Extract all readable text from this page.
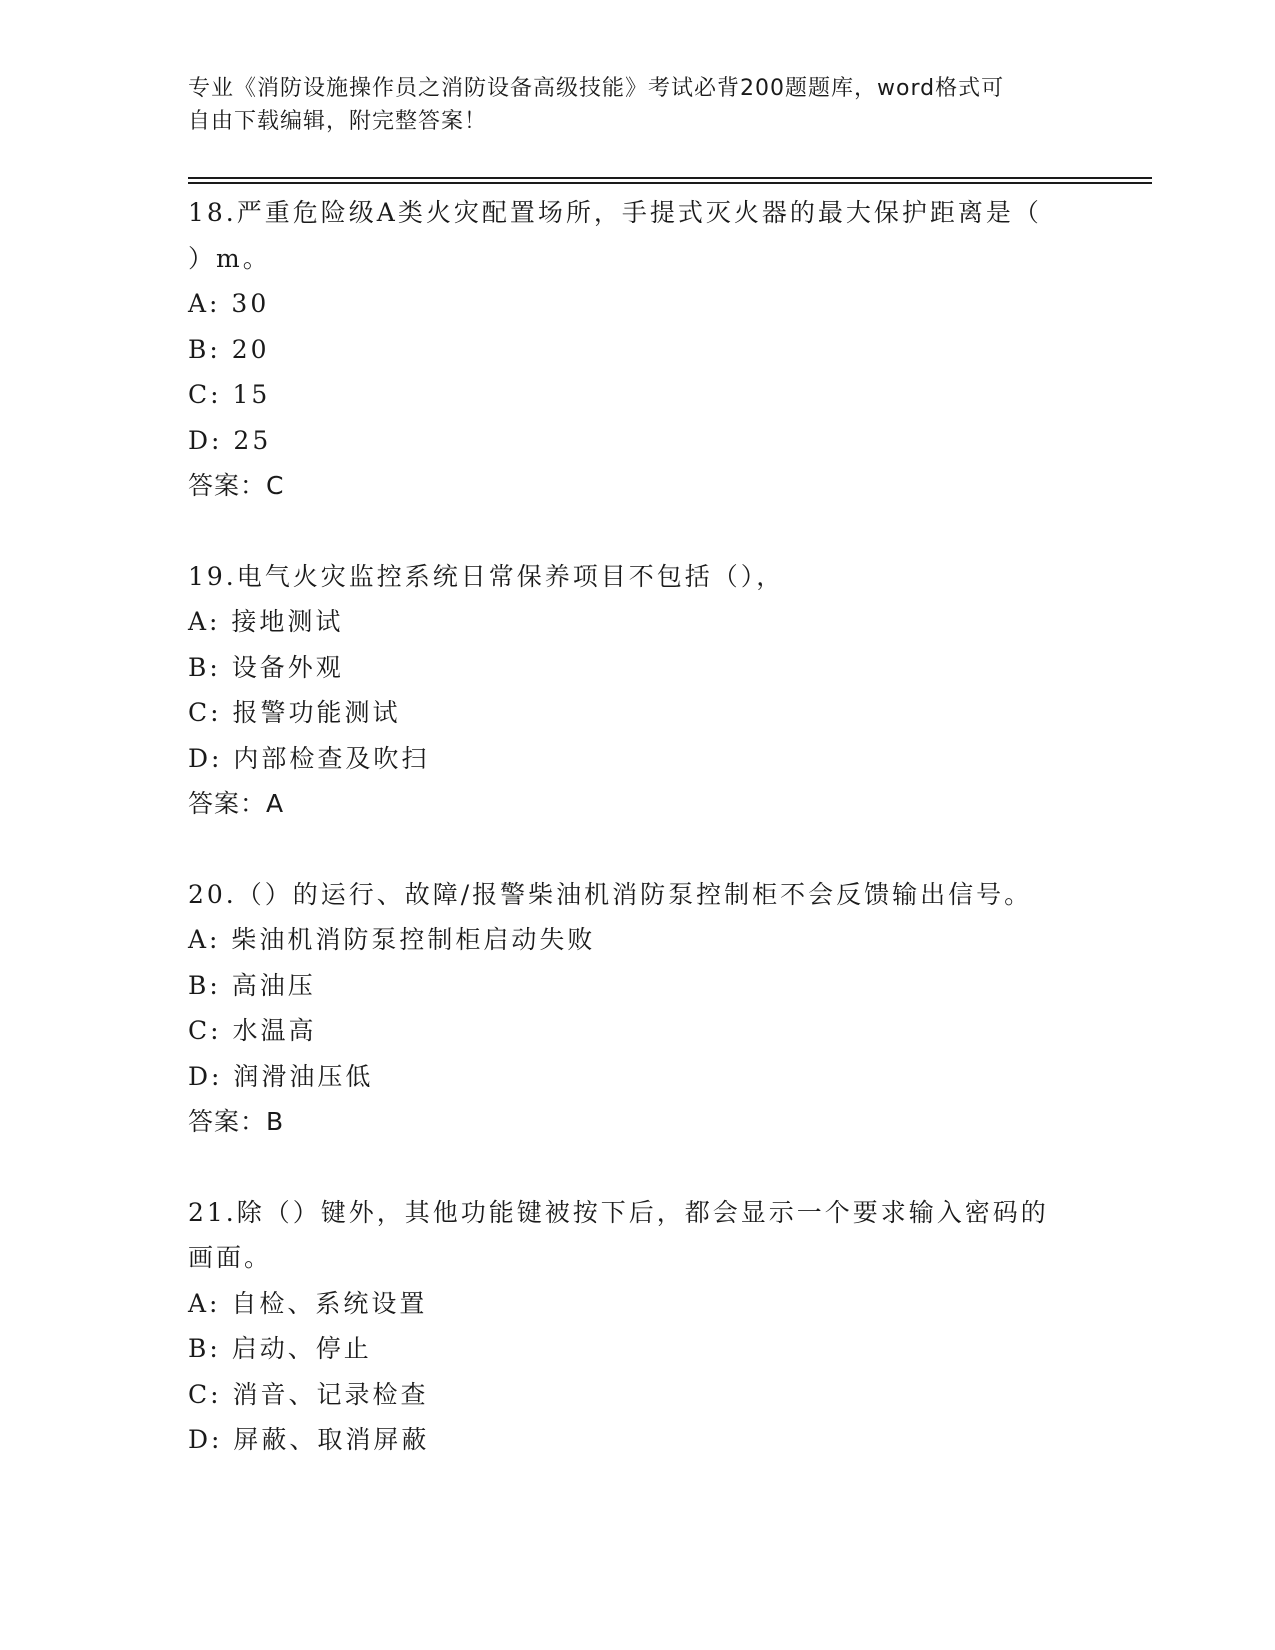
专业《消防设施操作员之消防设备高级技能》考试必背200题题库，word格式可
自由下载编辑，附完整答案！
18.严重危险级A类火灾配置场所，手提式灭火器的最大保护距离是（
）m。
A: 30
B: 20
C: 15
D: 25
答案：C
19.电气火灾监控系统日常保养项目不包括（），
A: 接地测试
B: 设备外观
C: 报警功能测试
D: 内部检查及吹扫
答案：A
20.（）的运行、故障/报警柴油机消防泵控制柜不会反馈输出信号。
A: 柴油机消防泵控制柜启动失败
B: 高油压
C: 水温高
D: 润滑油压低
答案：B
21.除（）键外，其他功能键被按下后，都会显示一个要求输入密码的
画面。
A: 自检、系统设置
B: 启动、停止
C: 消音、记录检查
D: 屏蔽、取消屏蔽
